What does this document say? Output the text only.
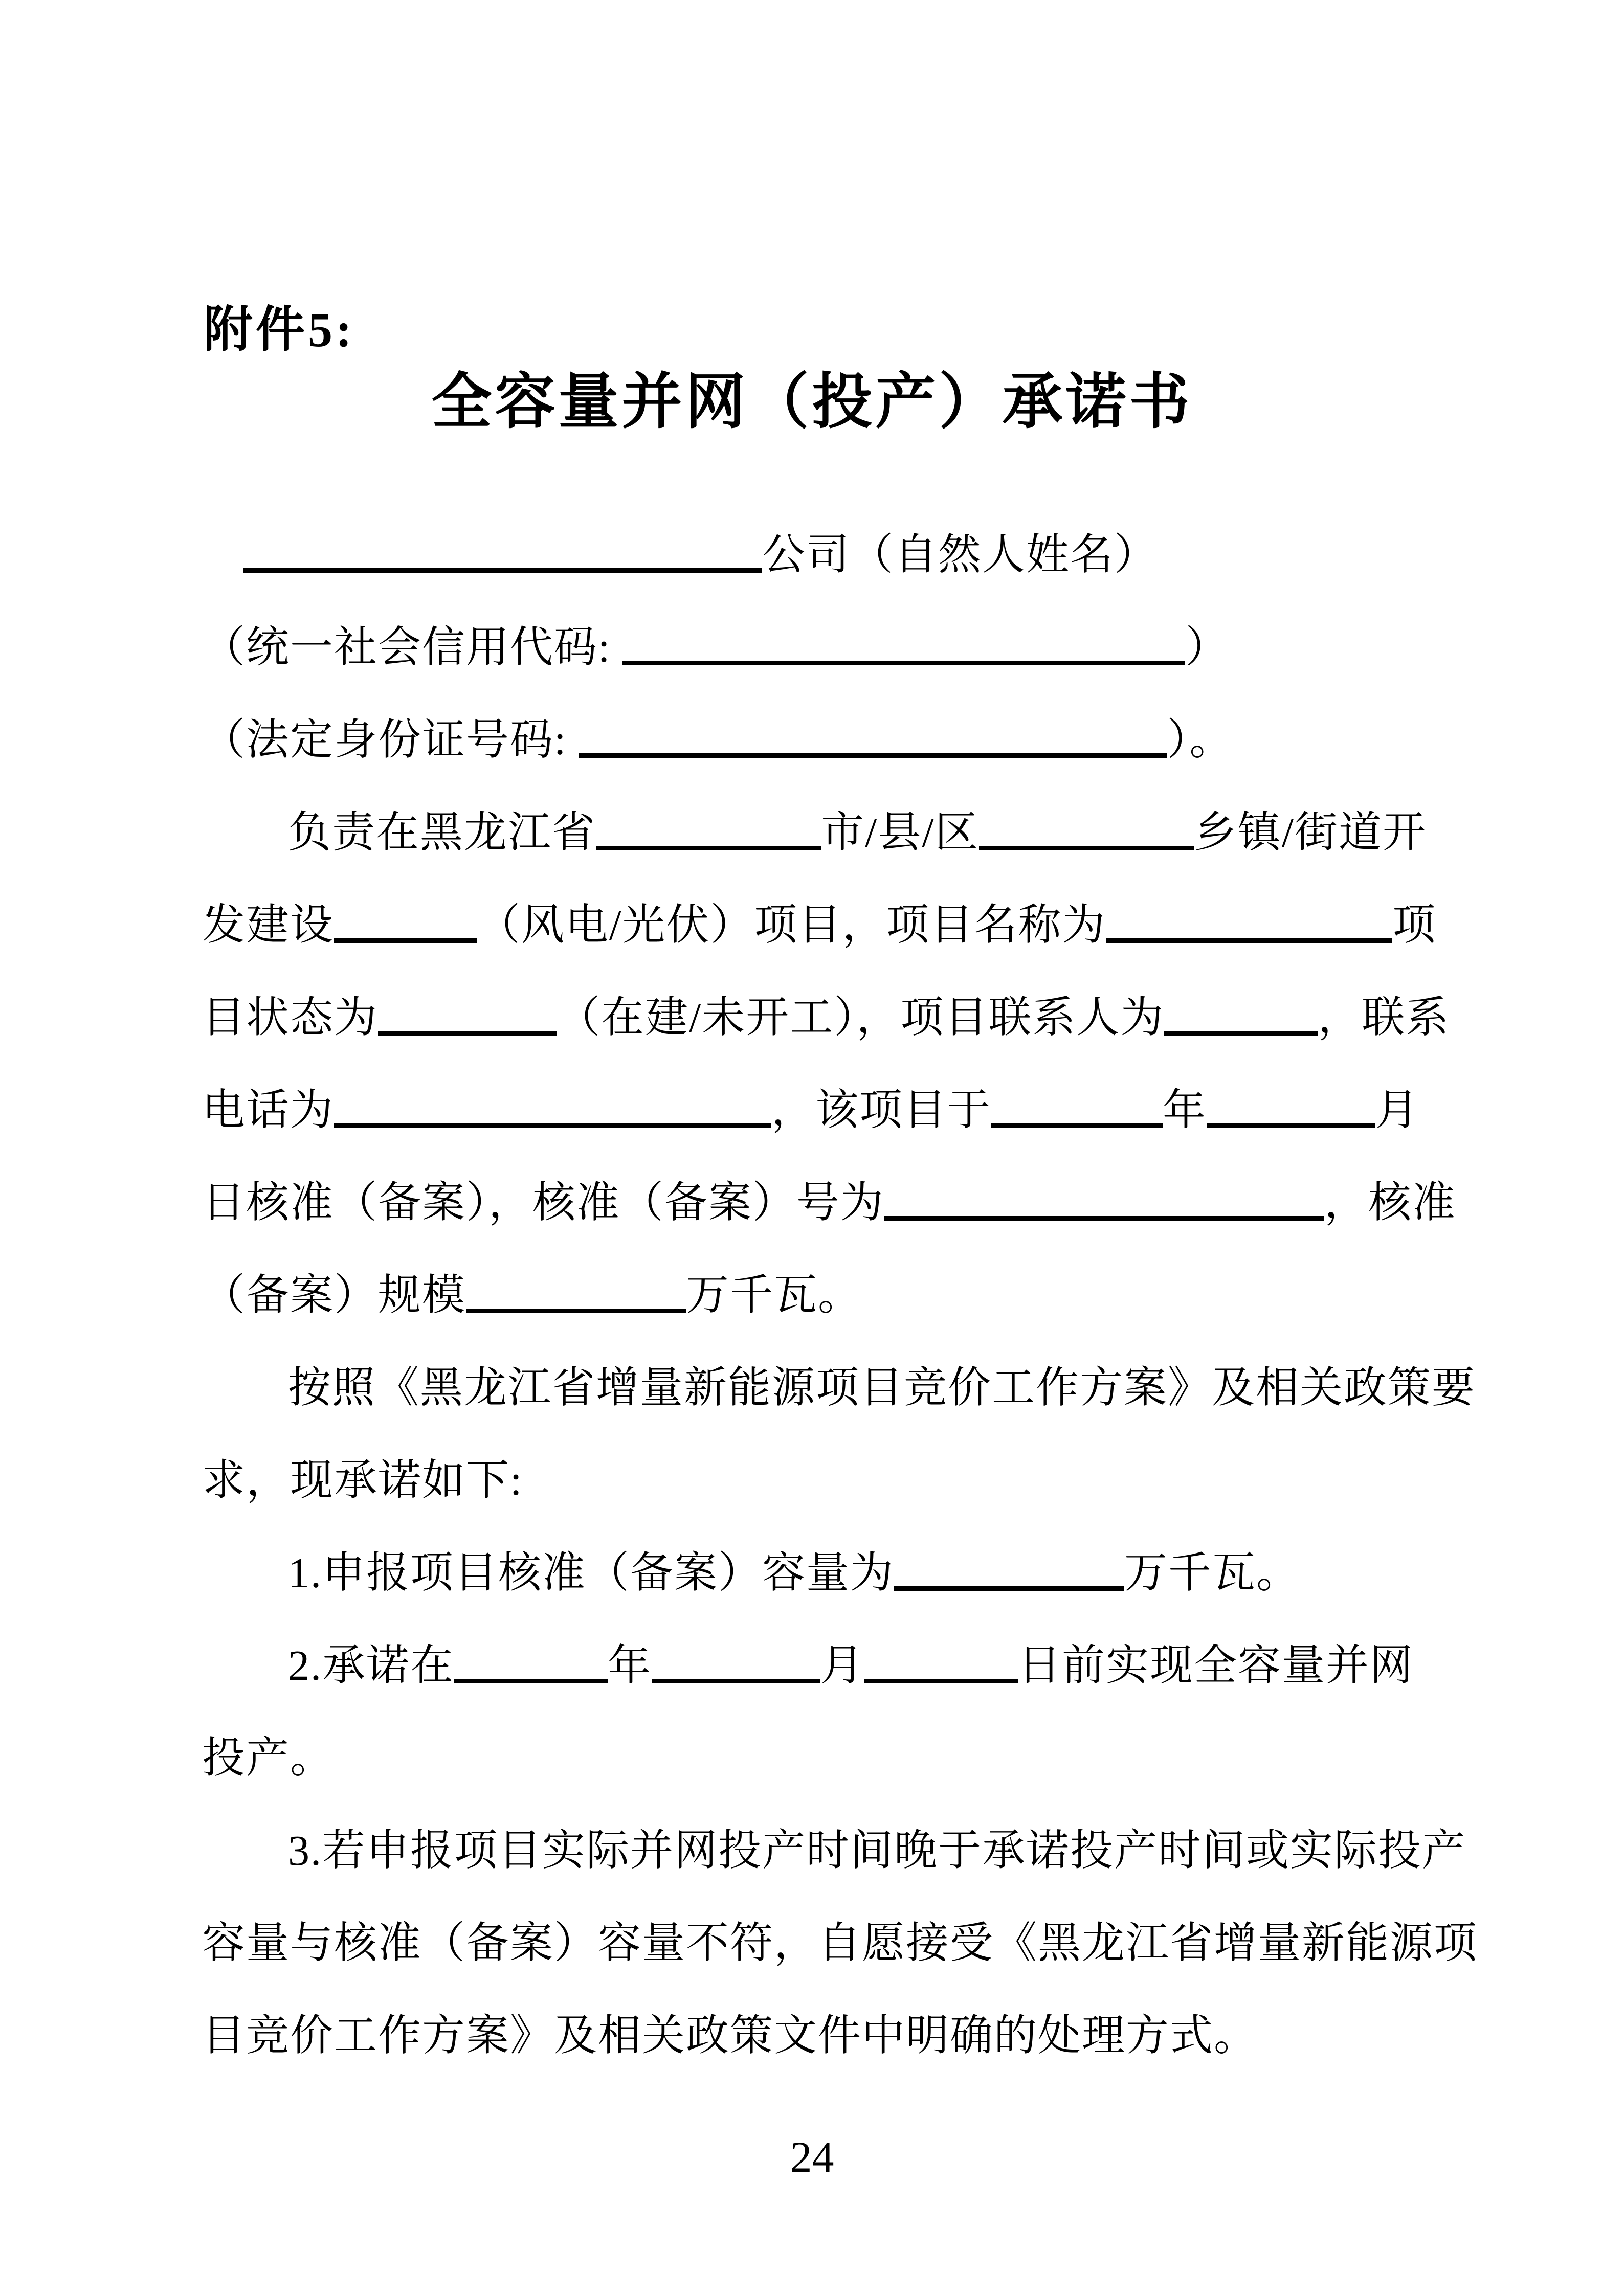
附件5:
全容量并网（投产）承诺书

公司（自然人姓名）

（统一社会信用代码:	）

（法定身份证号码:	）。

负责在黑龙江省	市/县/区	乡镇/街道开

发建设	（风电/光伏）项目，项目名称为	项

目状态为	（在建/未开工），项目联系人为	，联系

电话为	，该项目于	年	月

日核准（备案），核准（备案）号为	，核准

（备案）规模	万千瓦。

按照《黑龙江省增量新能源项目竞价工作方案》及相关政策要

求，现承诺如下:

1.申报项目核准（备案）容量为	万千瓦。

2.承诺在	年	月	日前实现全容量并网

投产。

3.若申报项目实际并网投产时间晚于承诺投产时间或实际投产

容量与核准（备案）容量不符，自愿接受《黑龙江省增量新能源项

目竞价工作方案》及相关政策文件中明确的处理方式。

24
